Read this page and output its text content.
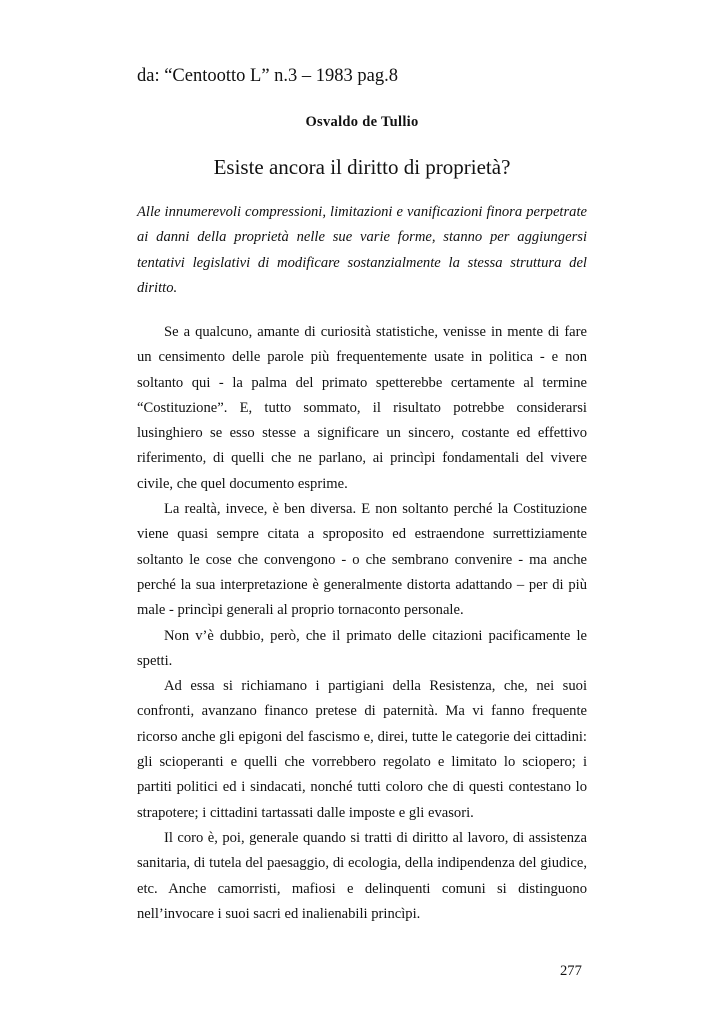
da: “Centootto L” n.3 – 1983 pag.8
Osvaldo de Tullio
Esiste ancora il diritto di proprietà?

Alle innumerevoli compressioni, limitazioni e vanificazioni finora perpetrate ai danni della proprietà nelle sue varie forme, stanno per aggiungersi tentativi legislativi di modificare sostanzialmente la stessa struttura del diritto.

Se a qualcuno, amante di curiosità statistiche, venisse in mente di fare un censimento delle parole più frequentemente usate in politica - e non soltanto qui - la palma del primato spetterebbe certamente al termine “Costituzione”. E, tutto sommato, il risultato potrebbe considerarsi lusinghiero se esso stesse a significare un sincero, costante ed effettivo riferimento, di quelli che ne parlano, ai princìpi fondamentali del vivere civile, che quel documento esprime.

La realtà, invece, è ben diversa. E non soltanto perché la Costituzione viene quasi sempre citata a sproposito ed estraendone surrettiziamente soltanto le cose che convengono - o che sembrano convenire - ma anche perché la sua interpretazione è generalmente distorta adattando – per di più male - princìpi generali al proprio tornaconto personale.

Non v’è dubbio, però, che il primato delle citazioni pacificamente le spetti.

Ad essa si richiamano i partigiani della Resistenza, che, nei suoi confronti, avanzano financo pretese di paternità. Ma vi fanno frequente ricorso anche gli epigoni del fascismo e, direi, tutte le categorie dei cittadini: gli scioperanti e quelli che vorrebbero regolato e limitato lo sciopero; i partiti politici ed i sindacati, nonché tutti coloro che di questi contestano lo strapotere; i cittadini tartassati dalle imposte e gli evasori.

Il coro è, poi, generale quando si tratti di diritto al lavoro, di assistenza sanitaria, di tutela del paesaggio, di ecologia, della indipendenza del giudice, etc. Anche camorristi, mafiosi e delinquenti comuni si distinguono nell’invocare i suoi sacri ed inalienabili princìpi.

277
